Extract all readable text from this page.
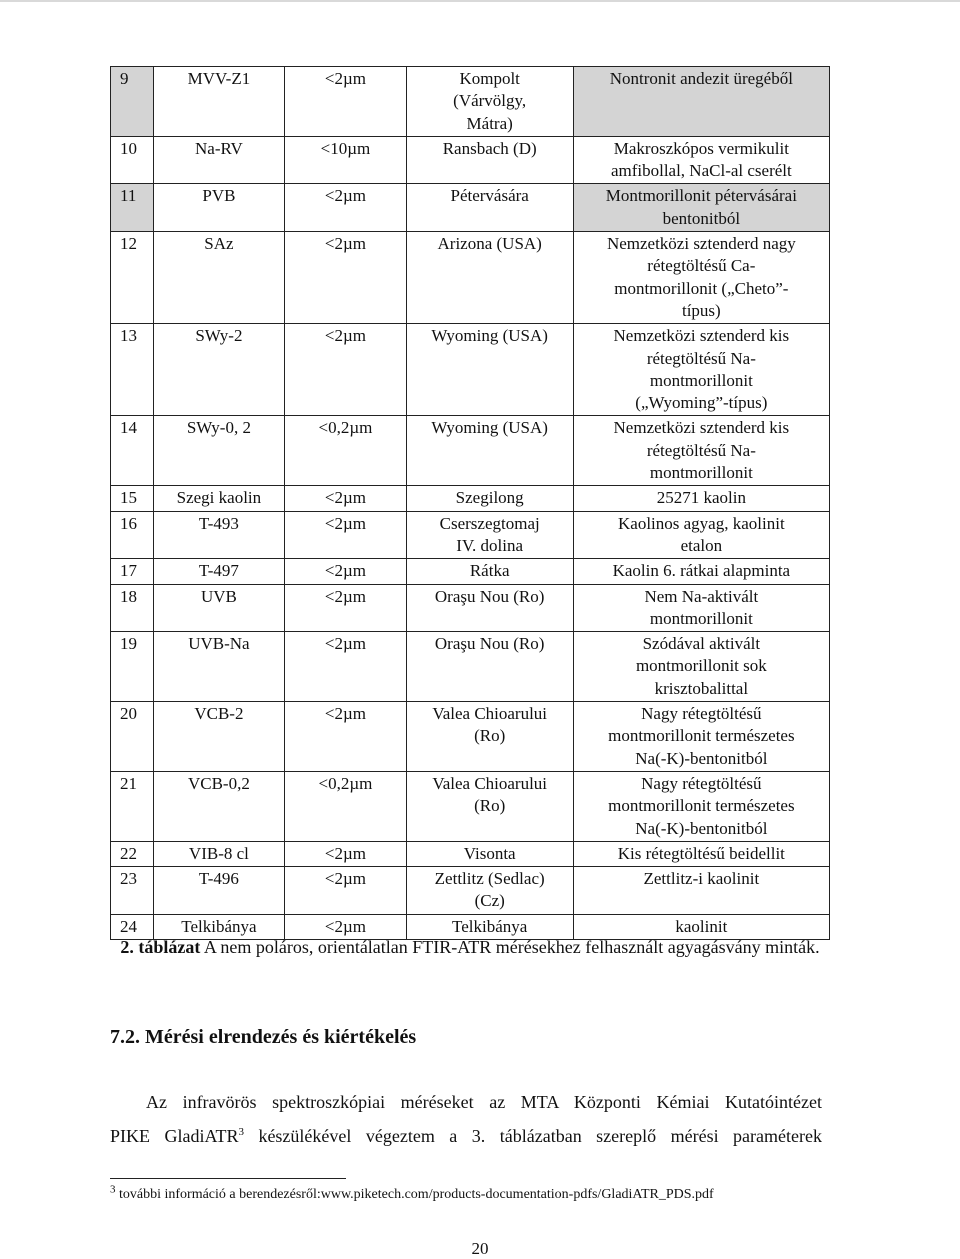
9	MVV-Z1	<2µm	Kompolt
(Várvölgy,
Mátra)	Nontronit andezit üregéből
10	Na-RV	<10µm	Ransbach (D)	Makroszkópos vermikulit
amfibollal, NaCl-al cserélt
11	PVB	<2µm	Pétervására	Montmorillonit pétervásárai
bentonitból
12	SAz	<2µm	Arizona (USA)	Nemzetközi sztenderd nagy
rétegtöltésű Ca-
montmorillonit („Cheto”-
típus)
13	SWy-2	<2µm	Wyoming (USA)	Nemzetközi sztenderd kis
rétegtöltésű Na-
montmorillonit
(„Wyoming”-típus)
14	SWy-0, 2	<0,2µm	Wyoming (USA)	Nemzetközi sztenderd kis
rétegtöltésű Na-
montmorillonit
15	Szegi kaolin	<2µm	Szegilong	25271 kaolin
16	T-493	<2µm	Cserszegtomaj
IV. dolina	Kaolinos agyag, kaolinit
etalon
17	T-497	<2µm	Rátka	Kaolin 6. rátkai alapminta
18	UVB	<2µm	Oraşu Nou (Ro)	Nem Na-aktivált
montmorillonit
19	UVB-Na	<2µm	Oraşu Nou (Ro)	Szódával aktivált
montmorillonit sok
krisztobalittal
20	VCB-2	<2µm	Valea Chioarului
(Ro)	Nagy rétegtöltésű
montmorillonit természetes
Na(-K)-bentonitból
21	VCB-0,2	<0,2µm	Valea Chioarului
(Ro)	Nagy rétegtöltésű
montmorillonit természetes
Na(-K)-bentonitból
22	VIB-8 cl	<2µm	Visonta	Kis rétegtöltésű beidellit
23	T-496	<2µm	Zettlitz (Sedlac)
(Cz)	Zettlitz-i kaolinit
24	Telkibánya	<2µm	Telkibánya	kaolinit
2. táblázat A nem poláros, orientálatlan FTIR-ATR mérésekhez felhasznált agyagásvány minták.
7.2. Mérési elrendezés és kiértékelés

Az infravörös spektroszkópiai méréseket az MTA Központi Kémiai Kutatóintézet
PIKE GladiATR$^3$ készülékével végeztem a 3. táblázatban szereplő mérési paraméterek

$^3$ további információ a berendezésről:www.piketech.com/products-documentation-pdfs/GladiATR_PDS.pdf
20
